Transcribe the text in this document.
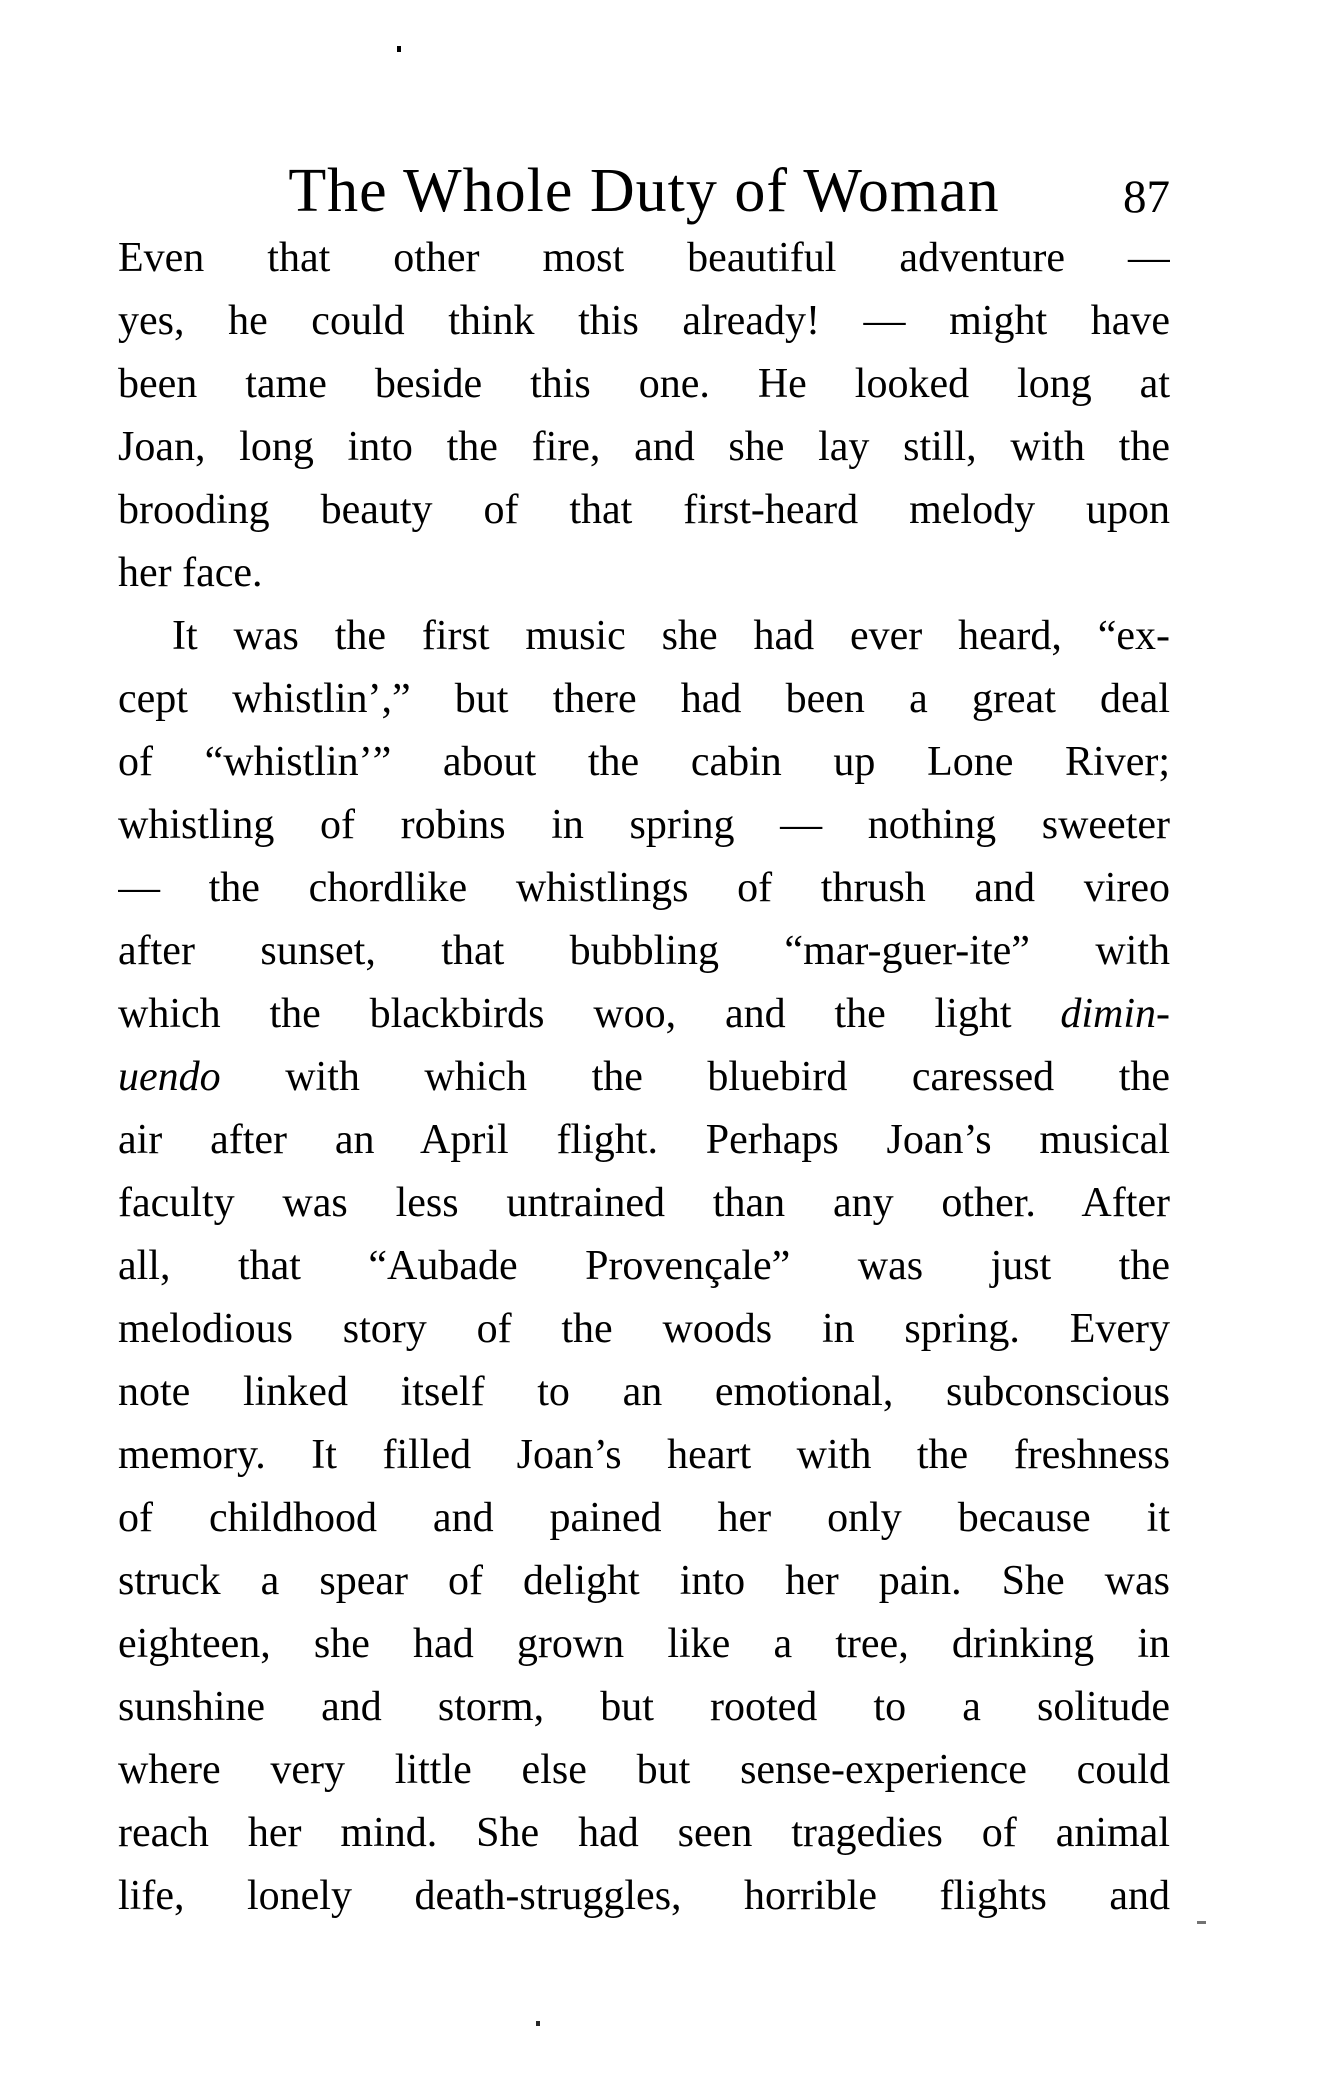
The Whole Duty of Woman	87
Even that other most beautiful adventure —
yes, he could think this already! — might have
been tame beside this one. He looked long at
Joan, long into the fire, and she lay still, with the
brooding beauty of that first-heard melody upon
her face.
It was the first music she had ever heard, “ex-
cept whistlin’,” but there had been a great deal
of “whistlin’” about the cabin up Lone River;
whistling of robins in spring — nothing sweeter
— the chordlike whistlings of thrush and vireo
after sunset, that bubbling “mar-guer-ite” with
which the blackbirds woo, and the light dimin-
uendo with which the bluebird caressed the
air after an April flight. Perhaps Joan’s musical
faculty was less untrained than any other. After
all, that “Aubade Provençale” was just the
melodious story of the woods in spring. Every
note linked itself to an emotional, subconscious
memory. It filled Joan’s heart with the freshness
of childhood and pained her only because it
struck a spear of delight into her pain. She was
eighteen, she had grown like a tree, drinking in
sunshine and storm, but rooted to a solitude
where very little else but sense-experience could
reach her mind. She had seen tragedies of animal
life, lonely death-struggles, horrible flights and
